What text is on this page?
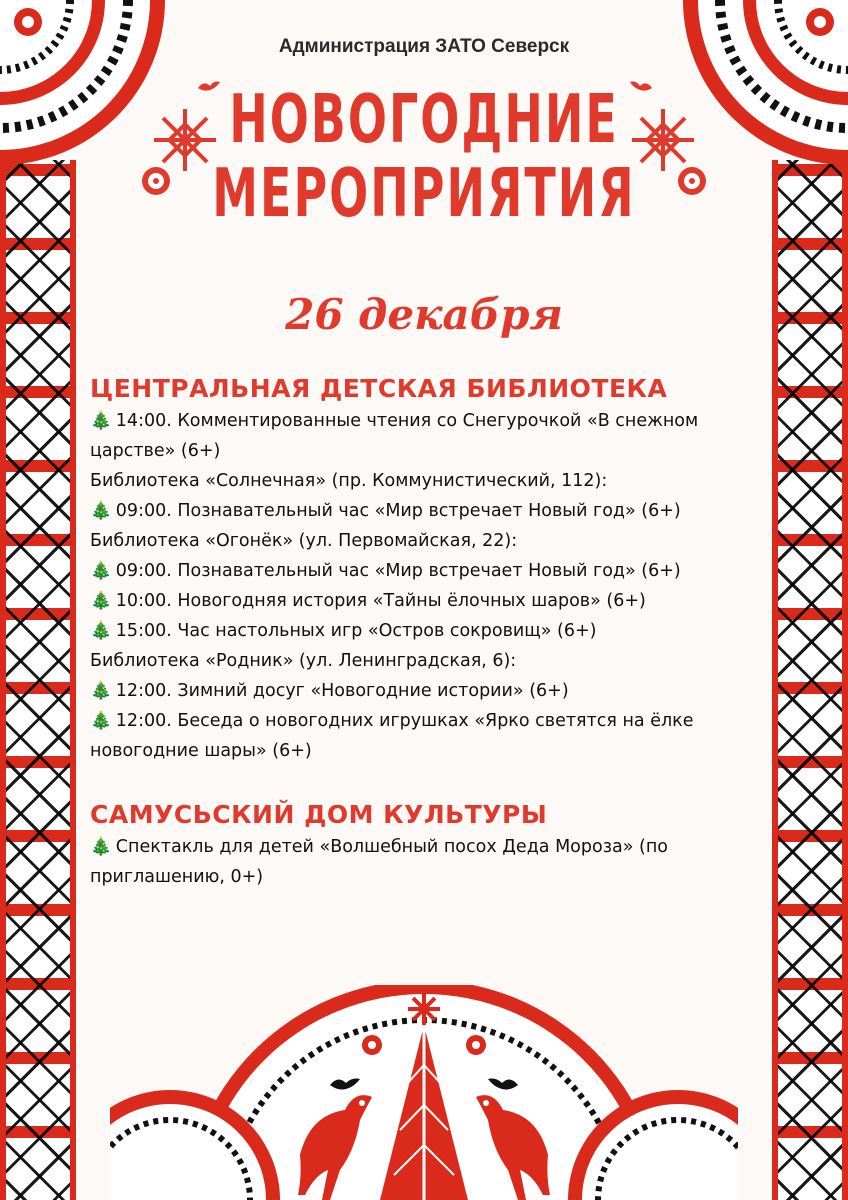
Администрация ЗАТО Северск
НОВОГОДНИЕ
МЕРОПРИЯТИЯ
26 декабря
ЦЕНТРАЛЬНАЯ ДЕТСКАЯ БИБЛИОТЕКА
🎄 14:00. Комментированные чтения со Снегурочкой «В снежном
царстве» (6+)
Библиотека «Солнечная» (пр. Коммунистический, 112):
🎄 09:00. Познавательный час «Мир встречает Новый год» (6+)
Библиотека «Огонёк» (ул. Первомайская, 22):
🎄 09:00. Познавательный час «Мир встречает Новый год» (6+)
🎄 10:00. Новогодняя история «Тайны ёлочных шаров» (6+)
🎄 15:00. Час настольных игр «Остров сокровищ» (6+)
Библиотека «Родник» (ул. Ленинградская, 6):
🎄 12:00. Зимний досуг «Новогодние истории» (6+)
🎄 12:00. Беседа о новогодних игрушках «Ярко светятся на ёлке
новогодние шары» (6+)
САМУСЬСКИЙ ДОМ КУЛЬТУРЫ
🎄 Спектакль для детей «Волшебный посох Деда Мороза» (по
приглашению, 0+)
